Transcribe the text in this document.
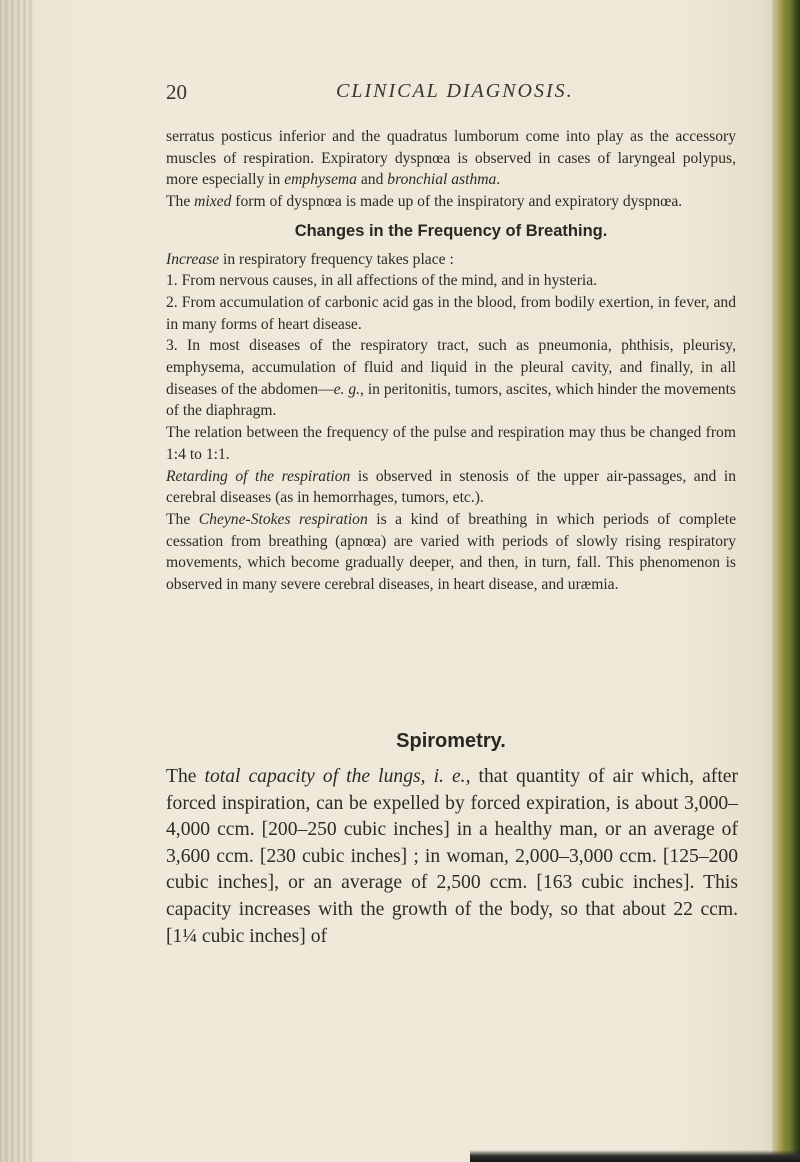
20	CLINICAL DIAGNOSIS.

serratus posticus inferior and the quadratus lumborum come into play as the accessory muscles of respiration. Expiratory dyspnœa is observed in cases of laryngeal polypus, more especially in emphysema and bronchial asthma.

The mixed form of dyspnœa is made up of the inspiratory and expiratory dyspnœa.

Changes in the Frequency of Breathing.

Increase in respiratory frequency takes place :

1. From nervous causes, in all affections of the mind, and in hysteria.

2. From accumulation of carbonic acid gas in the blood, from bodily exertion, in fever, and in many forms of heart disease.

3. In most diseases of the respiratory tract, such as pneumonia, phthisis, pleurisy, emphysema, accumulation of fluid and liquid in the pleural cavity, and finally, in all diseases of the abdomen—e. g., in peritonitis, tumors, ascites, which hinder the movements of the diaphragm.

The relation between the frequency of the pulse and respiration may thus be changed from 1:4 to 1:1.

Retarding of the respiration is observed in stenosis of the upper air-passages, and in cerebral diseases (as in hemorrhages, tumors, etc.).

The Cheyne-Stokes respiration is a kind of breathing in which periods of complete cessation from breathing (apnœa) are varied with periods of slowly rising respiratory movements, which become gradually deeper, and then, in turn, fall. This phenomenon is observed in many severe cerebral diseases, in heart disease, and uræmia.

Spirometry.

The total capacity of the lungs, i. e., that quantity of air which, after forced inspiration, can be expelled by forced expiration, is about 3,000–4,000 ccm. [200–250 cubic inches] in a healthy man, or an average of 3,600 ccm. [230 cubic inches] ; in woman, 2,000–3,000 ccm. [125–200 cubic inches], or an average of 2,500 ccm. [163 cubic inches]. This capacity increases with the growth of the body, so that about 22 ccm. [1¼ cubic inches] of
